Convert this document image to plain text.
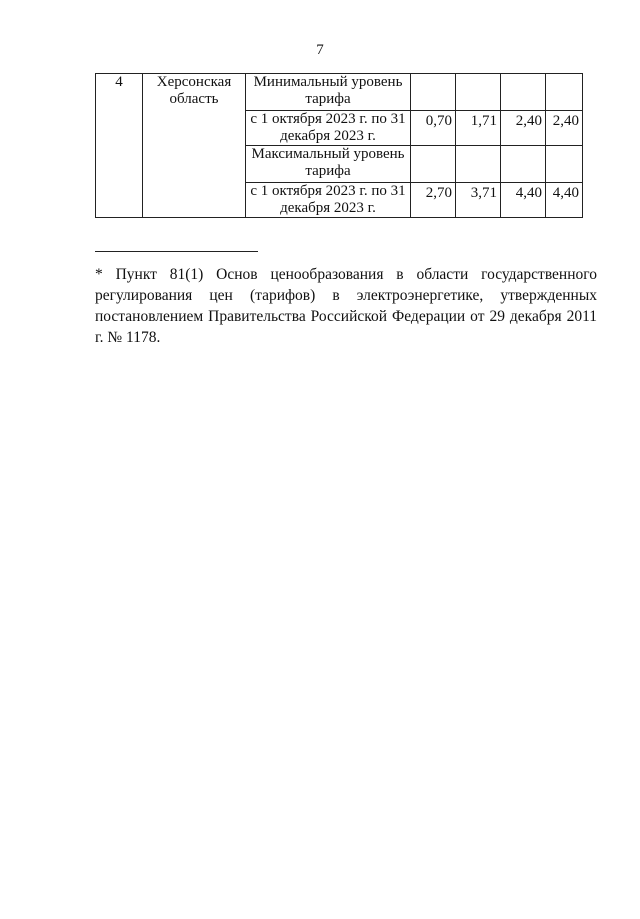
7
4	Херсонская область	Минимальный уровень тарифа				
		с 1 октября 2023 г. по 31 декабря 2023 г.	0,70	1,71	2,40	2,40
		Максимальный уровень тарифа				
		с 1 октября 2023 г. по 31 декабря 2023 г.	2,70	3,71	4,40	4,40
* Пункт 81(1) Основ ценообразования в области государственного регулирования цен (тарифов) в электроэнергетике, утвержденных постановлением Правительства Российской Федерации от 29 декабря 2011 г. № 1178.
